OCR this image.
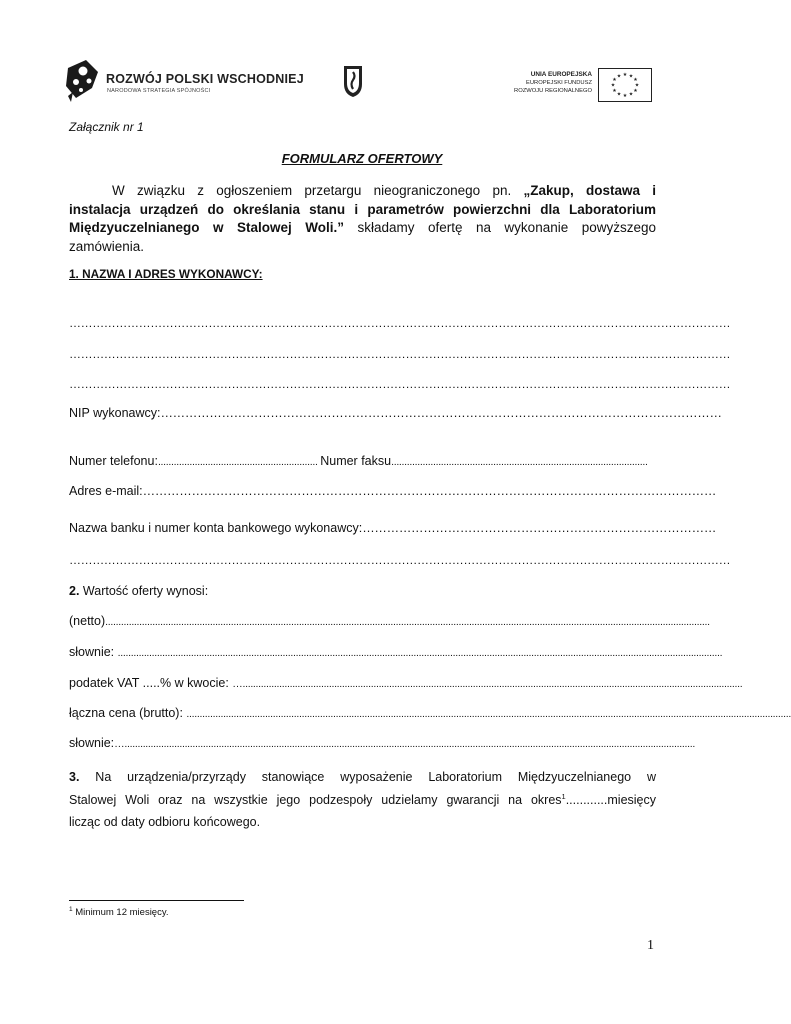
ROZWÓJ POLSKI WSCHODNIEJ
NARODOWA STRATEGIA SPÓJNOŚCI
UNIA EUROPEJSKA
EUROPEJSKI FUNDUSZ
ROZWOJU REGIONALNEGO
★ ★
★
★
★
★
★
★
★
★
★
★
Załącznik nr 1
FORMULARZ OFERTOWY
W związku z ogłoszeniem przetargu nieograniczonego pn. „Zakup, dostawa i
instalacja urządzeń do określania stanu i parametrów powierzchni dla Laboratorium
Międzyuczelnianego w Stalowej Woli.” składamy ofertę na wykonanie powyższego
zamówienia.
1. NAZWA I ADRES WYKONAWCY:
………………………………………………………………………………………………………………………………………………………
………………………………………………………………………………………………………………………………………………………
………………………………………………………………………………………………………………………………………………………
NIP wykonawcy:…………………………………………………………………………………………………………………………
Numer telefonu:............................................................. Numer faksu..................................................................................................
Adres e-mail:……………………………………………………………………………………………………………………………
Nazwa banku i numer konta bankowego wykonawcy:……………………………………………………………………………
………………………………………………………………………………………………………………………………………………………
2. Wartość oferty wynosi:
(netto).......................................................................................................................................................................................................................................
słownie: .......................................................................................................................................................................................................................................
podatek VAT .....% w kwocie: …...............................................................................................................................................................................................
łączna cena (brutto): .......................................................................................................................................................................................................................................
słownie:…..........................................................................................................................................................................................................................
3. Na urządzenia/przyrządy stanowiące wyposażenie Laboratorium Międzyuczelnianego w
Stalowej Woli oraz na wszystkie jego podzespoły udzielamy gwarancji na okres$^1$............miesięcy
licząc od daty odbioru końcowego.
$^1$ Minimum 12 miesięcy.
1
